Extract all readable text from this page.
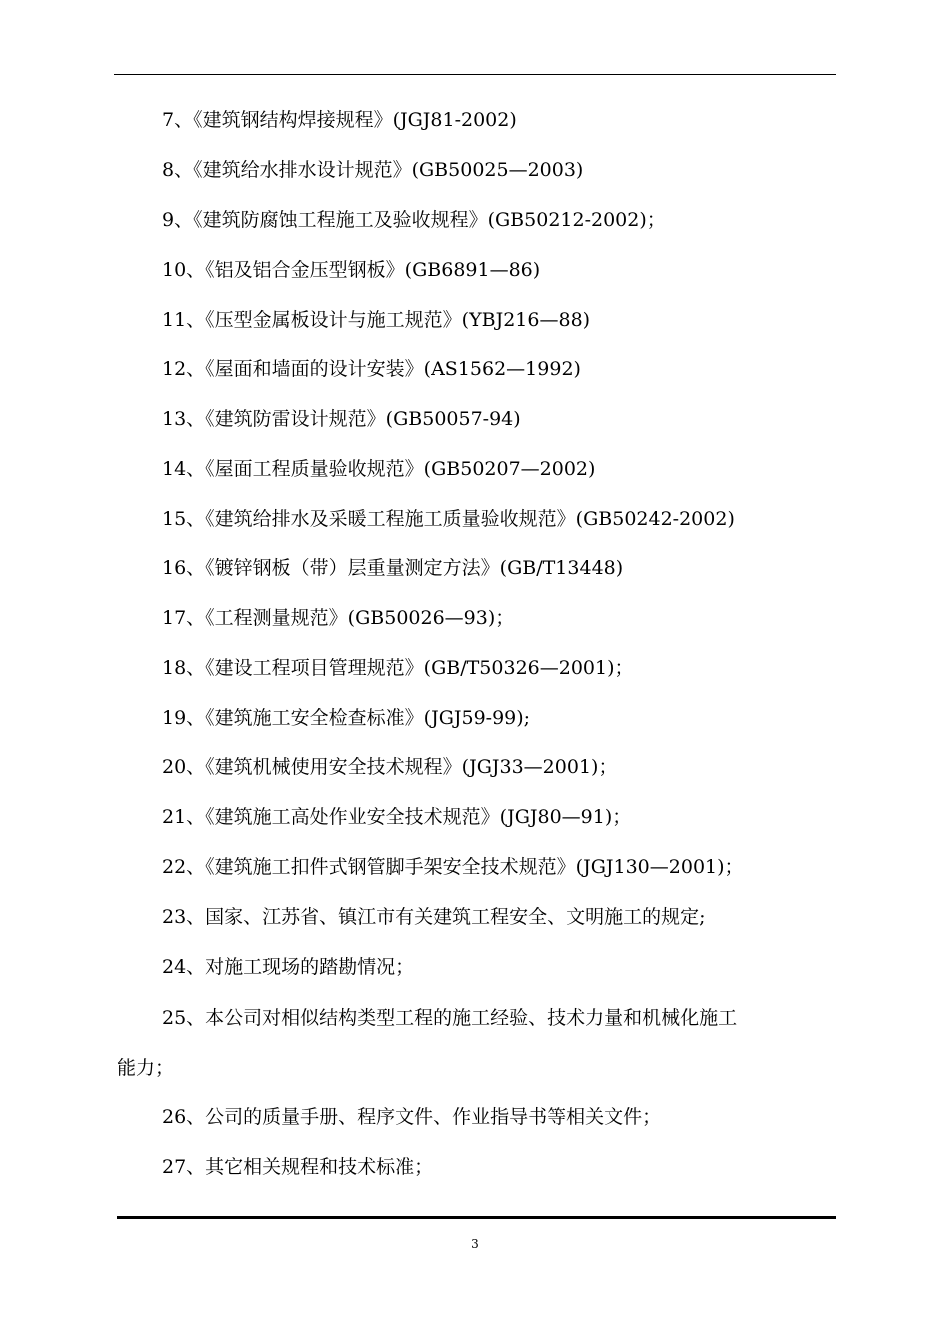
7、《建筑钢结构焊接规程》(JGJ81-2002)
8、《建筑给水排水设计规范》(GB50025—2003)
9、《建筑防腐蚀工程施工及验收规程》(GB50212-2002)；
10、《铝及铝合金压型钢板》(GB6891—86)
11、《压型金属板设计与施工规范》(YBJ216—88)
12、《屋面和墙面的设计安装》(AS1562—1992)
13、《建筑防雷设计规范》(GB50057-94)
14、《屋面工程质量验收规范》(GB50207—2002)
15、《建筑给排水及采暖工程施工质量验收规范》(GB50242-2002)
16、《镀锌钢板（带）层重量测定方法》(GB/T13448)
17、《工程测量规范》(GB50026—93)；
18、《建设工程项目管理规范》(GB/T50326—2001)；
19、《建筑施工安全检查标准》(JGJ59-99);
20、《建筑机械使用安全技术规程》(JGJ33—2001)；
21、《建筑施工高处作业安全技术规范》(JGJ80—91)；
22、《建筑施工扣件式钢管脚手架安全技术规范》(JGJ130—2001)；
23、国家、江苏省、镇江市有关建筑工程安全、文明施工的规定;
24、对施工现场的踏勘情况；
25、本公司对相似结构类型工程的施工经验、技术力量和机械化施工
能力；
26、公司的质量手册、程序文件、作业指导书等相关文件；
27、其它相关规程和技术标准；
3
